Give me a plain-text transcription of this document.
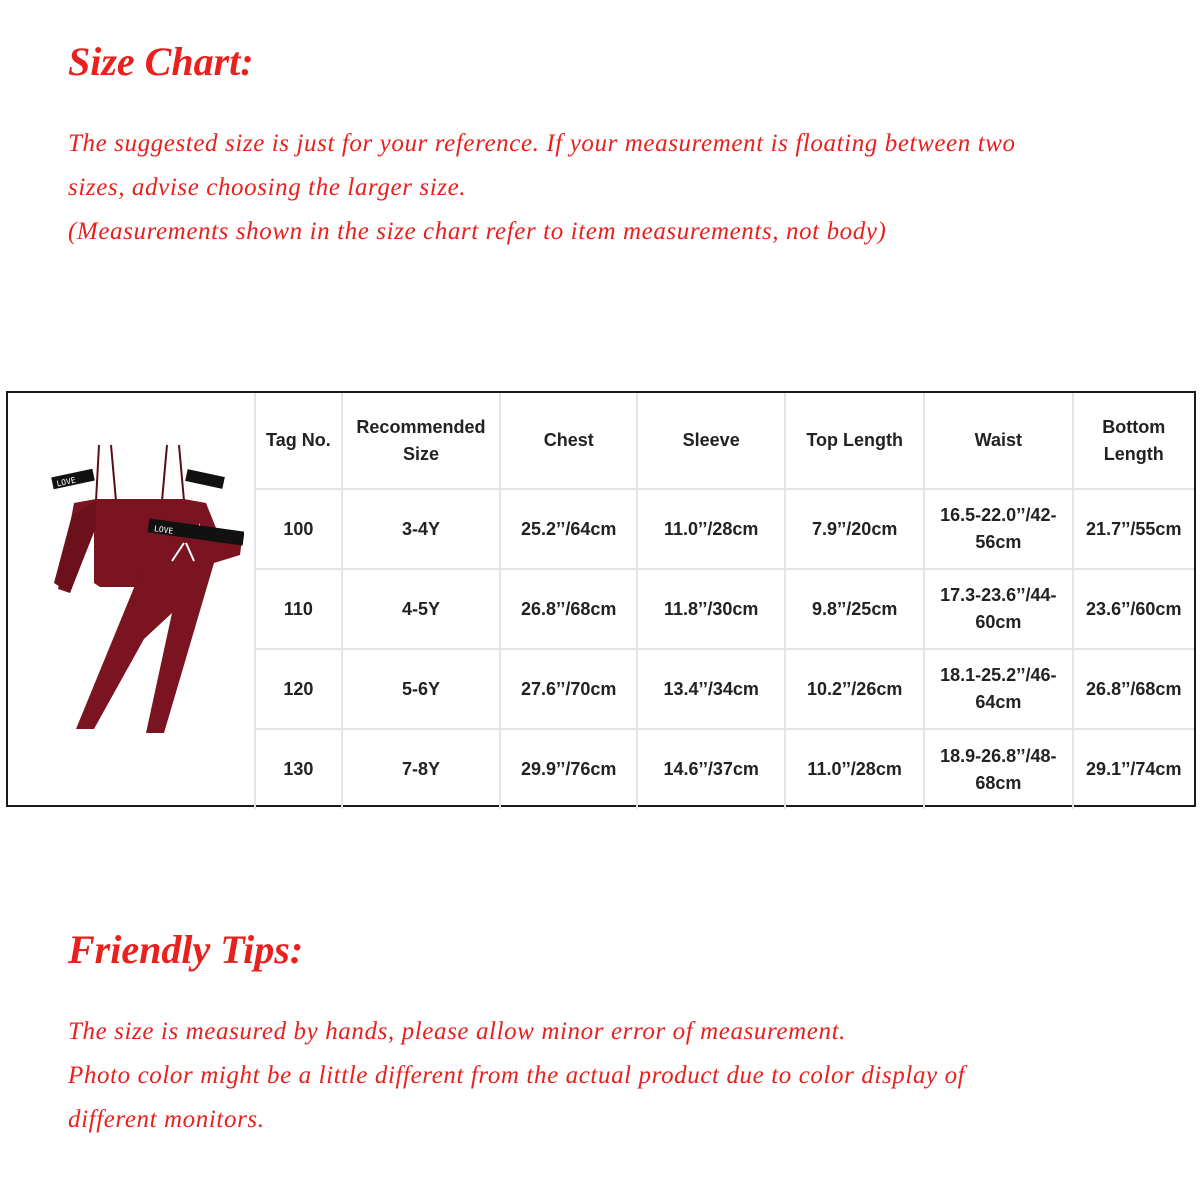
Size Chart:

The suggested size is just for your reference. If your measurement is floating between two
sizes, advise choosing the larger size.
(Measurements shown in the size chart refer to item measurements, not body)

LOVE
LOVE
Tag No.	Recommended Size	Chest	Sleeve	Top Length	Waist	Bottom Length
100	3-4Y	25.2’’/64cm	11.0’’/28cm	7.9’’/20cm	16.5-22.0’’/42-56cm	21.7’’/55cm
110	4-5Y	26.8’’/68cm	11.8’’/30cm	9.8’’/25cm	17.3-23.6’’/44-60cm	23.6’’/60cm
120	5-6Y	27.6’’/70cm	13.4’’/34cm	10.2’’/26cm	18.1-25.2’’/46-64cm	26.8’’/68cm
130	7-8Y	29.9’’/76cm	14.6’’/37cm	11.0’’/28cm	18.9-26.8’’/48-68cm	29.1’’/74cm
Friendly Tips:

The size is measured by hands, please allow minor error of measurement.
Photo color might be a little different from the actual product due to color display of
different monitors.
